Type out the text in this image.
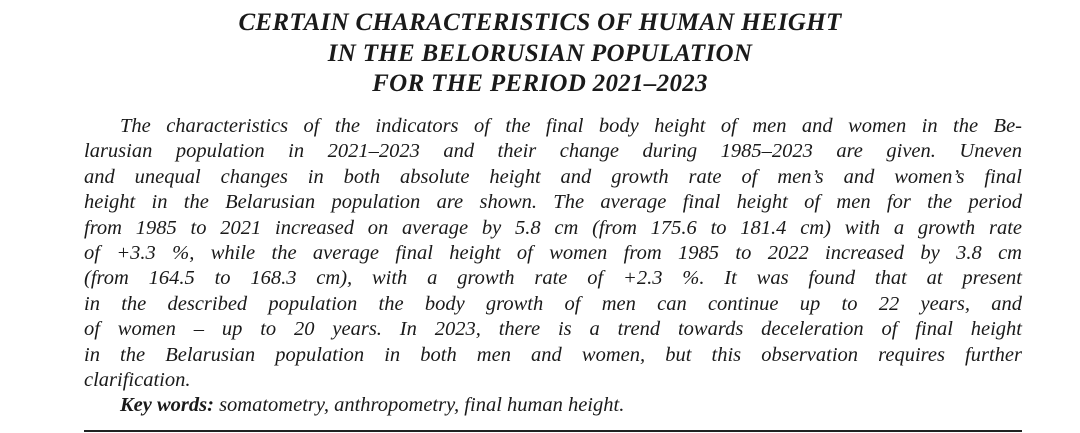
CERTAIN CHARACTERISTICS OF HUMAN HEIGHT
IN THE BELORUSIAN POPULATION
FOR THE PERIOD 2021–2023
The characteristics of the indicators of the final body height of men and women in the Be-
larusian population in 2021–2023 and their change during 1985–2023 are given. Uneven
and unequal changes in both absolute height and growth rate of men’s and women’s final
height in the Belarusian population are shown. The average final height of men for the period
from 1985 to 2021 increased on average by 5.8 cm (from 175.6 to 181.4 cm) with a growth rate
of +3.3 %, while the average final height of women from 1985 to 2022 increased by 3.8 cm
(from 164.5 to 168.3 cm), with a growth rate of +2.3 %. It was found that at present
in the described population the body growth of men can continue up to 22 years, and
of women – up to 20 years. In 2023, there is a trend towards deceleration of final height
in the Belarusian population in both men and women, but this observation requires further
clarification.
Key words: somatometry, anthropometry, final human height.
